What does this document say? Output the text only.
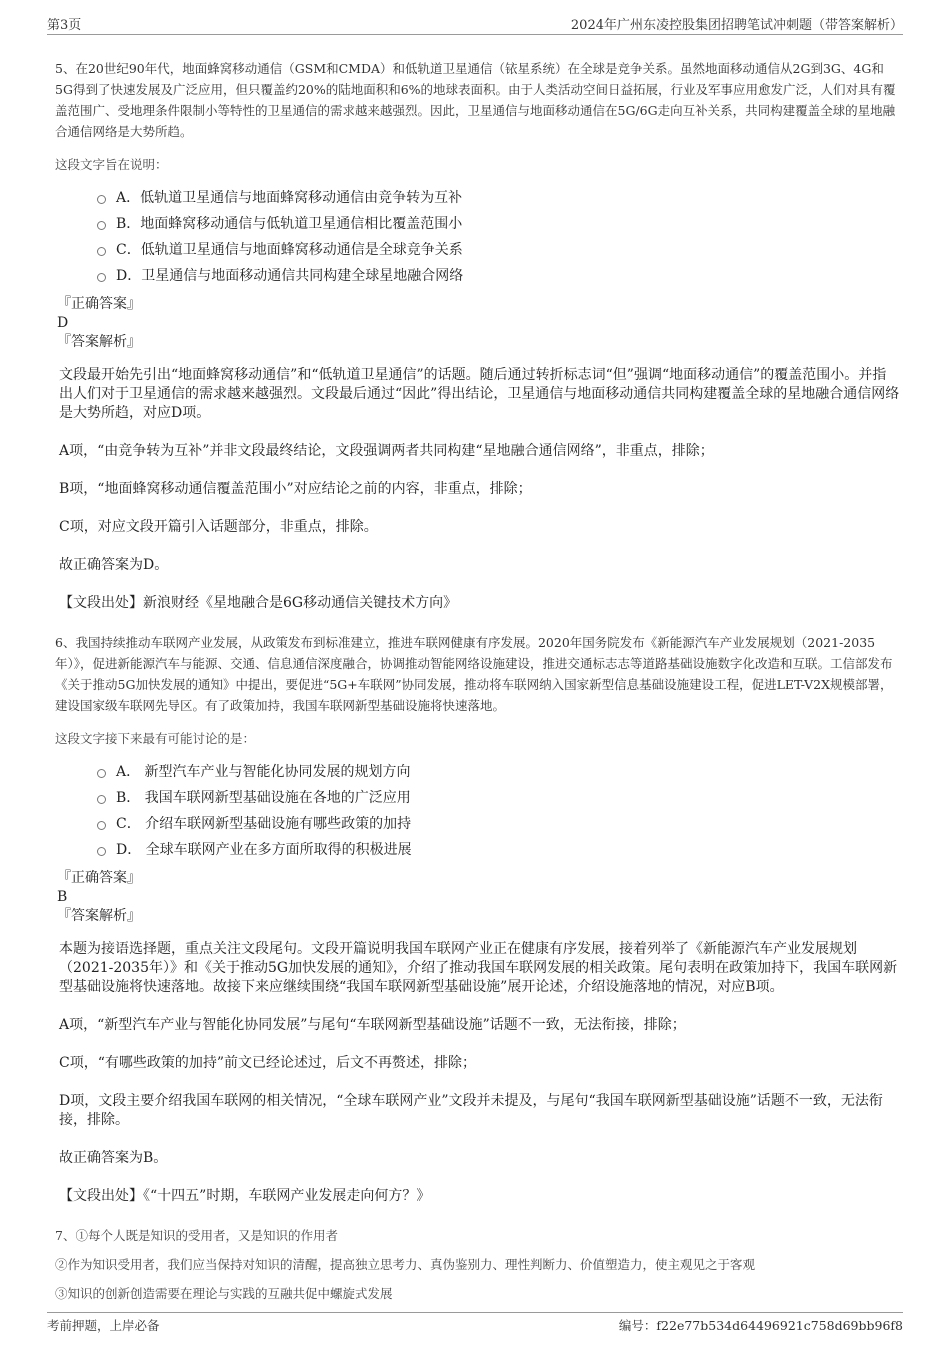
第3页	2024年广州东凌控股集团招聘笔试冲刺题（带答案解析）

5、在20世纪90年代，地面蜂窝移动通信（GSM和CMDA）和低轨道卫星通信（铱星系统）在全球是竞争关系。虽然地面移动通信从2G到3G、4G和5G得到了快速发展及广泛应用，但只覆盖约20%的陆地面积和6%的地球表面积。由于人类活动空间日益拓展，行业及军事应用愈发广泛，人们对具有覆盖范围广、受地理条件限制小等特性的卫星通信的需求越来越强烈。因此，卫星通信与地面移动通信在5G/6G走向互补关系，共同构建覆盖全球的星地融合通信网络是大势所趋。

这段文字旨在说明：

A．低轨道卫星通信与地面蜂窝移动通信由竞争转为互补
B．地面蜂窝移动通信与低轨道卫星通信相比覆盖范围小
C．低轨道卫星通信与地面蜂窝移动通信是全球竞争关系
D．卫星通信与地面移动通信共同构建全球星地融合网络

『正确答案』

D

『答案解析』

文段最开始先引出“地面蜂窝移动通信”和“低轨道卫星通信”的话题。随后通过转折标志词“但”强调“地面移动通信”的覆盖范围小。并指出人们对于卫星通信的需求越来越强烈。文段最后通过“因此”得出结论，卫星通信与地面移动通信共同构建覆盖全球的星地融合通信网络是大势所趋，对应D项。

A项，“由竞争转为互补”并非文段最终结论，文段强调两者共同构建“星地融合通信网络”，非重点，排除；

B项，“地面蜂窝移动通信覆盖范围小”对应结论之前的内容，非重点，排除；

C项，对应文段开篇引入话题部分，非重点，排除。

故正确答案为D。

【文段出处】新浪财经《星地融合是6G移动通信关键技术方向》

6、我国持续推动车联网产业发展，从政策发布到标准建立，推进车联网健康有序发展。2020年国务院发布《新能源汽车产业发展规划（2021-2035年）》，促进新能源汽车与能源、交通、信息通信深度融合，协调推动智能网络设施建设，推进交通标志志等道路基础设施数字化改造和互联。工信部发布《关于推动5G加快发展的通知》中提出，要促进“5G+车联网”协同发展，推动将车联网纳入国家新型信息基础设施建设工程，促进LET-V2X规模部署，建设国家级车联网先导区。有了政策加持，我国车联网新型基础设施将快速落地。

这段文字接下来最有可能讨论的是：

A． 新型汽车产业与智能化协同发展的规划方向
B． 我国车联网新型基础设施在各地的广泛应用
C． 介绍车联网新型基础设施有哪些政策的加持
D． 全球车联网产业在多方面所取得的积极进展

『正确答案』

B

『答案解析』

本题为接语选择题，重点关注文段尾句。文段开篇说明我国车联网产业正在健康有序发展，接着列举了《新能源汽车产业发展规划（2021-2035年）》和《关于推动5G加快发展的通知》，介绍了推动我国车联网发展的相关政策。尾句表明在政策加持下，我国车联网新型基础设施将快速落地。故接下来应继续围绕“我国车联网新型基础设施”展开论述，介绍设施落地的情况，对应B项。

A项，“新型汽车产业与智能化协同发展”与尾句“车联网新型基础设施”话题不一致，无法衔接，排除；

C项，“有哪些政策的加持”前文已经论述过，后文不再赘述，排除；

D项，文段主要介绍我国车联网的相关情况，“全球车联网产业”文段并未提及，与尾句“我国车联网新型基础设施”话题不一致，无法衔接，排除。

故正确答案为B。

【文段出处】《“十四五”时期，车联网产业发展走向何方？》

7、①每个人既是知识的受用者，又是知识的作用者

②作为知识受用者，我们应当保持对知识的清醒，提高独立思考力、真伪鉴别力、理性判断力、价值塑造力，使主观见之于客观

③知识的创新创造需要在理论与实践的互融共促中螺旋式发展

考前押题，上岸必备	编号：f22e77b534d64496921c758d69bb96f8
